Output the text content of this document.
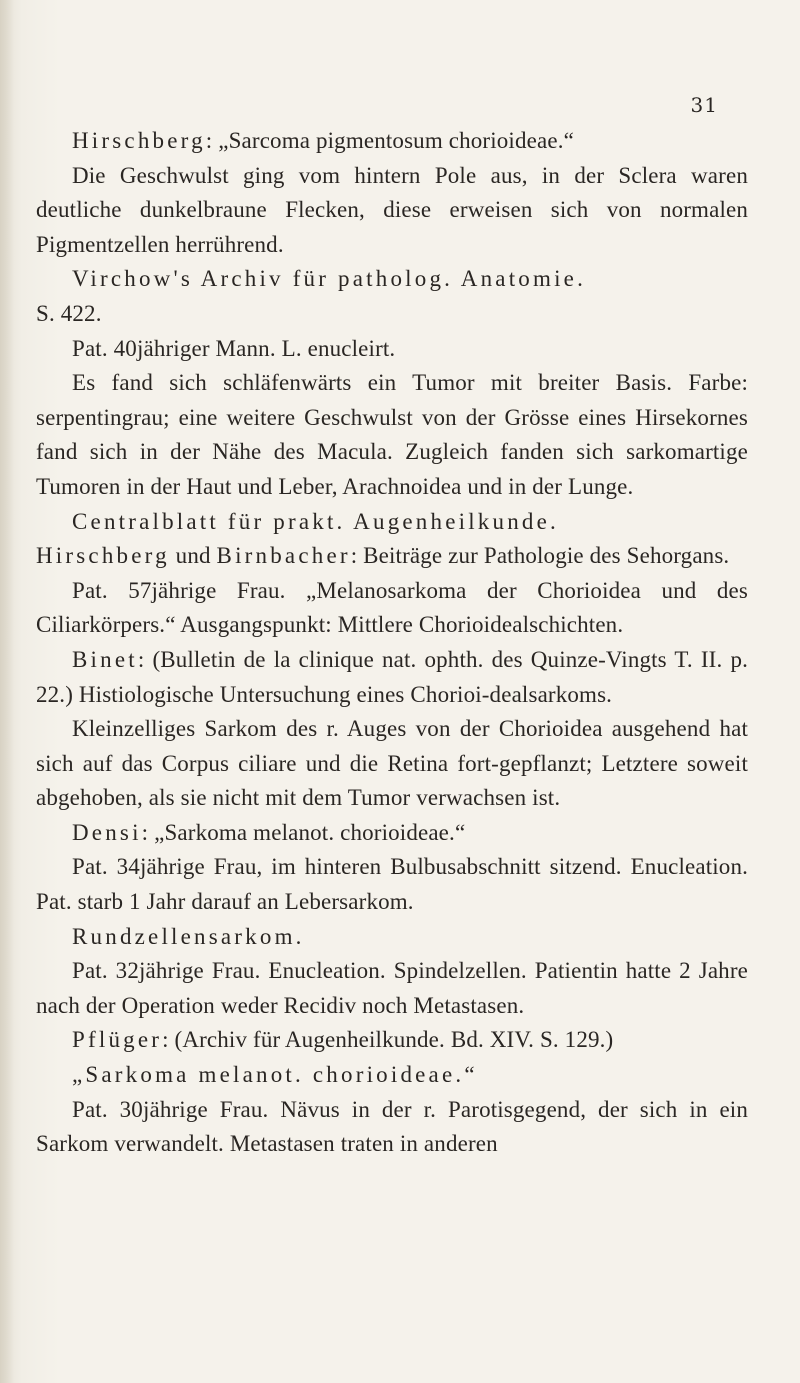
31

Hirschberg: „Sarcoma pigmentosum chorioideae.“

Die Geschwulst ging vom hintern Pole aus, in der Sclera waren deutliche dunkelbraune Flecken, diese erweisen sich von normalen Pigmentzellen herrührend.

Virchow's Archiv für patholog. Anatomie.

S. 422.

Pat. 40jähriger Mann. L. enucleirt.

Es fand sich schläfenwärts ein Tumor mit breiter Basis. Farbe: serpentingrau; eine weitere Geschwulst von der Grösse eines Hirsekornes fand sich in der Nähe des Macula. Zugleich fanden sich sarkomartige Tumoren in der Haut und Leber, Arachnoidea und in der Lunge.

Centralblatt für prakt. Augenheilkunde.

Hirschberg und Birnbacher: Beiträge zur Pathologie des Sehorgans.

Pat. 57jährige Frau. „Melanosarkoma der Chorioidea und des Ciliarkörpers.“ Ausgangspunkt: Mittlere Chorioidealschichten.

Binet: (Bulletin de la clinique nat. ophth. des Quinze-Vingts T. II. p. 22.) Histiologische Untersuchung eines Chorioi-dealsarkoms.

Kleinzelliges Sarkom des r. Auges von der Chorioidea ausgehend hat sich auf das Corpus ciliare und die Retina fort-gepflanzt; Letztere soweit abgehoben, als sie nicht mit dem Tumor verwachsen ist.

Densi: „Sarkoma melanot. chorioideae.“

Pat. 34jährige Frau, im hinteren Bulbusabschnitt sitzend. Enucleation. Pat. starb 1 Jahr darauf an Lebersarkom.

Rundzellensarkom.

Pat. 32jährige Frau. Enucleation. Spindelzellen. Patientin hatte 2 Jahre nach der Operation weder Recidiv noch Metastasen.

Pflüger: (Archiv für Augenheilkunde. Bd. XIV. S. 129.)

„Sarkoma melanot. chorioideae.“

Pat. 30jährige Frau. Nävus in der r. Parotisgegend, der sich in ein Sarkom verwandelt. Metastasen traten in anderen
